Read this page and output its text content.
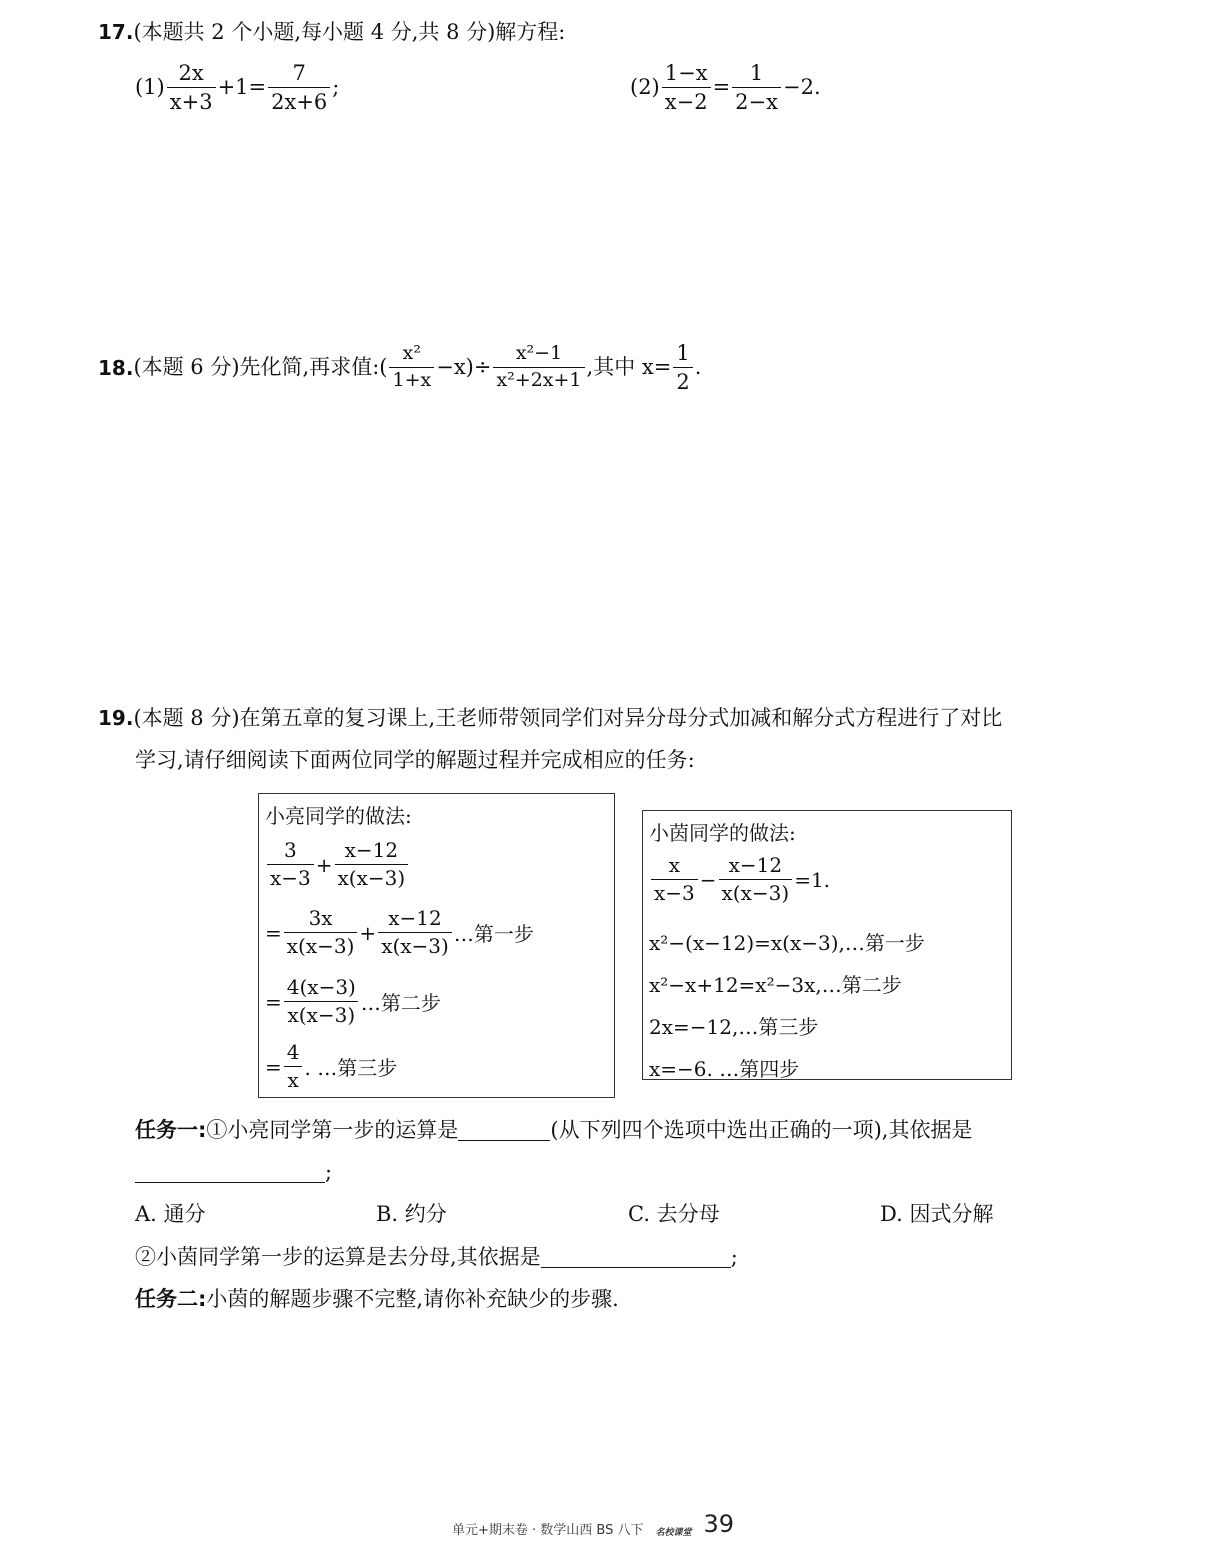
17.(本题共 2 个小题,每小题 4 分,共 8 分)解方程:
$(1) \frac{2x}{x+3} +1= \frac{7}{2x+6}$ ;	$(2) \frac{1-x}{x-2} = \frac{1}{2-x} -2$.
18. (本题 6 分)先化简,再求值:( $\frac{\text{x²}}{1+x} -x)\div \frac{\text{x²−1}}{\text{x²+2x+1}}$ ,其中 $x= \frac{1}{2}$ .
19.(本题 8 分)在第五章的复习课上,王老师带领同学们对异分母分式加减和解分式方程进行了对比
学习,请仔细阅读下面两位同学的解题过程并完成相应的任务:
小亮同学的做法:
$\frac{3}{x-3} + \frac{x-12}{x(x-3)}$
= $\frac{3x}{x(x-3)} + \frac{x-12}{x(x-3)}$ …第一步
= $\frac{4(x-3)}{x(x-3)}$ …第二步
= $\frac{4}{x}$ . …第三步
小茵同学的做法:
$\frac{x}{x-3} - \frac{x-12}{x(x-3)} =1$.
x²−(x−12)=x(x−3),…第一步
x²−x+12=x²−3x,…第二步
2x=−12,…第三步
x=−6. …第四步
任务一:①小亮同学第一步的运算是	(从下列四个选项中选出正确的一项),其依据是
;
A. 通分	B. 约分	C. 去分母	D. 因式分解
②小茵同学第一步的运算是去分母,其依据是	;
任务二:小茵的解题步骤不完整,请你补充缺少的步骤.
单元+期末卷 · 数学山西 BS 八下 名校课堂 39
